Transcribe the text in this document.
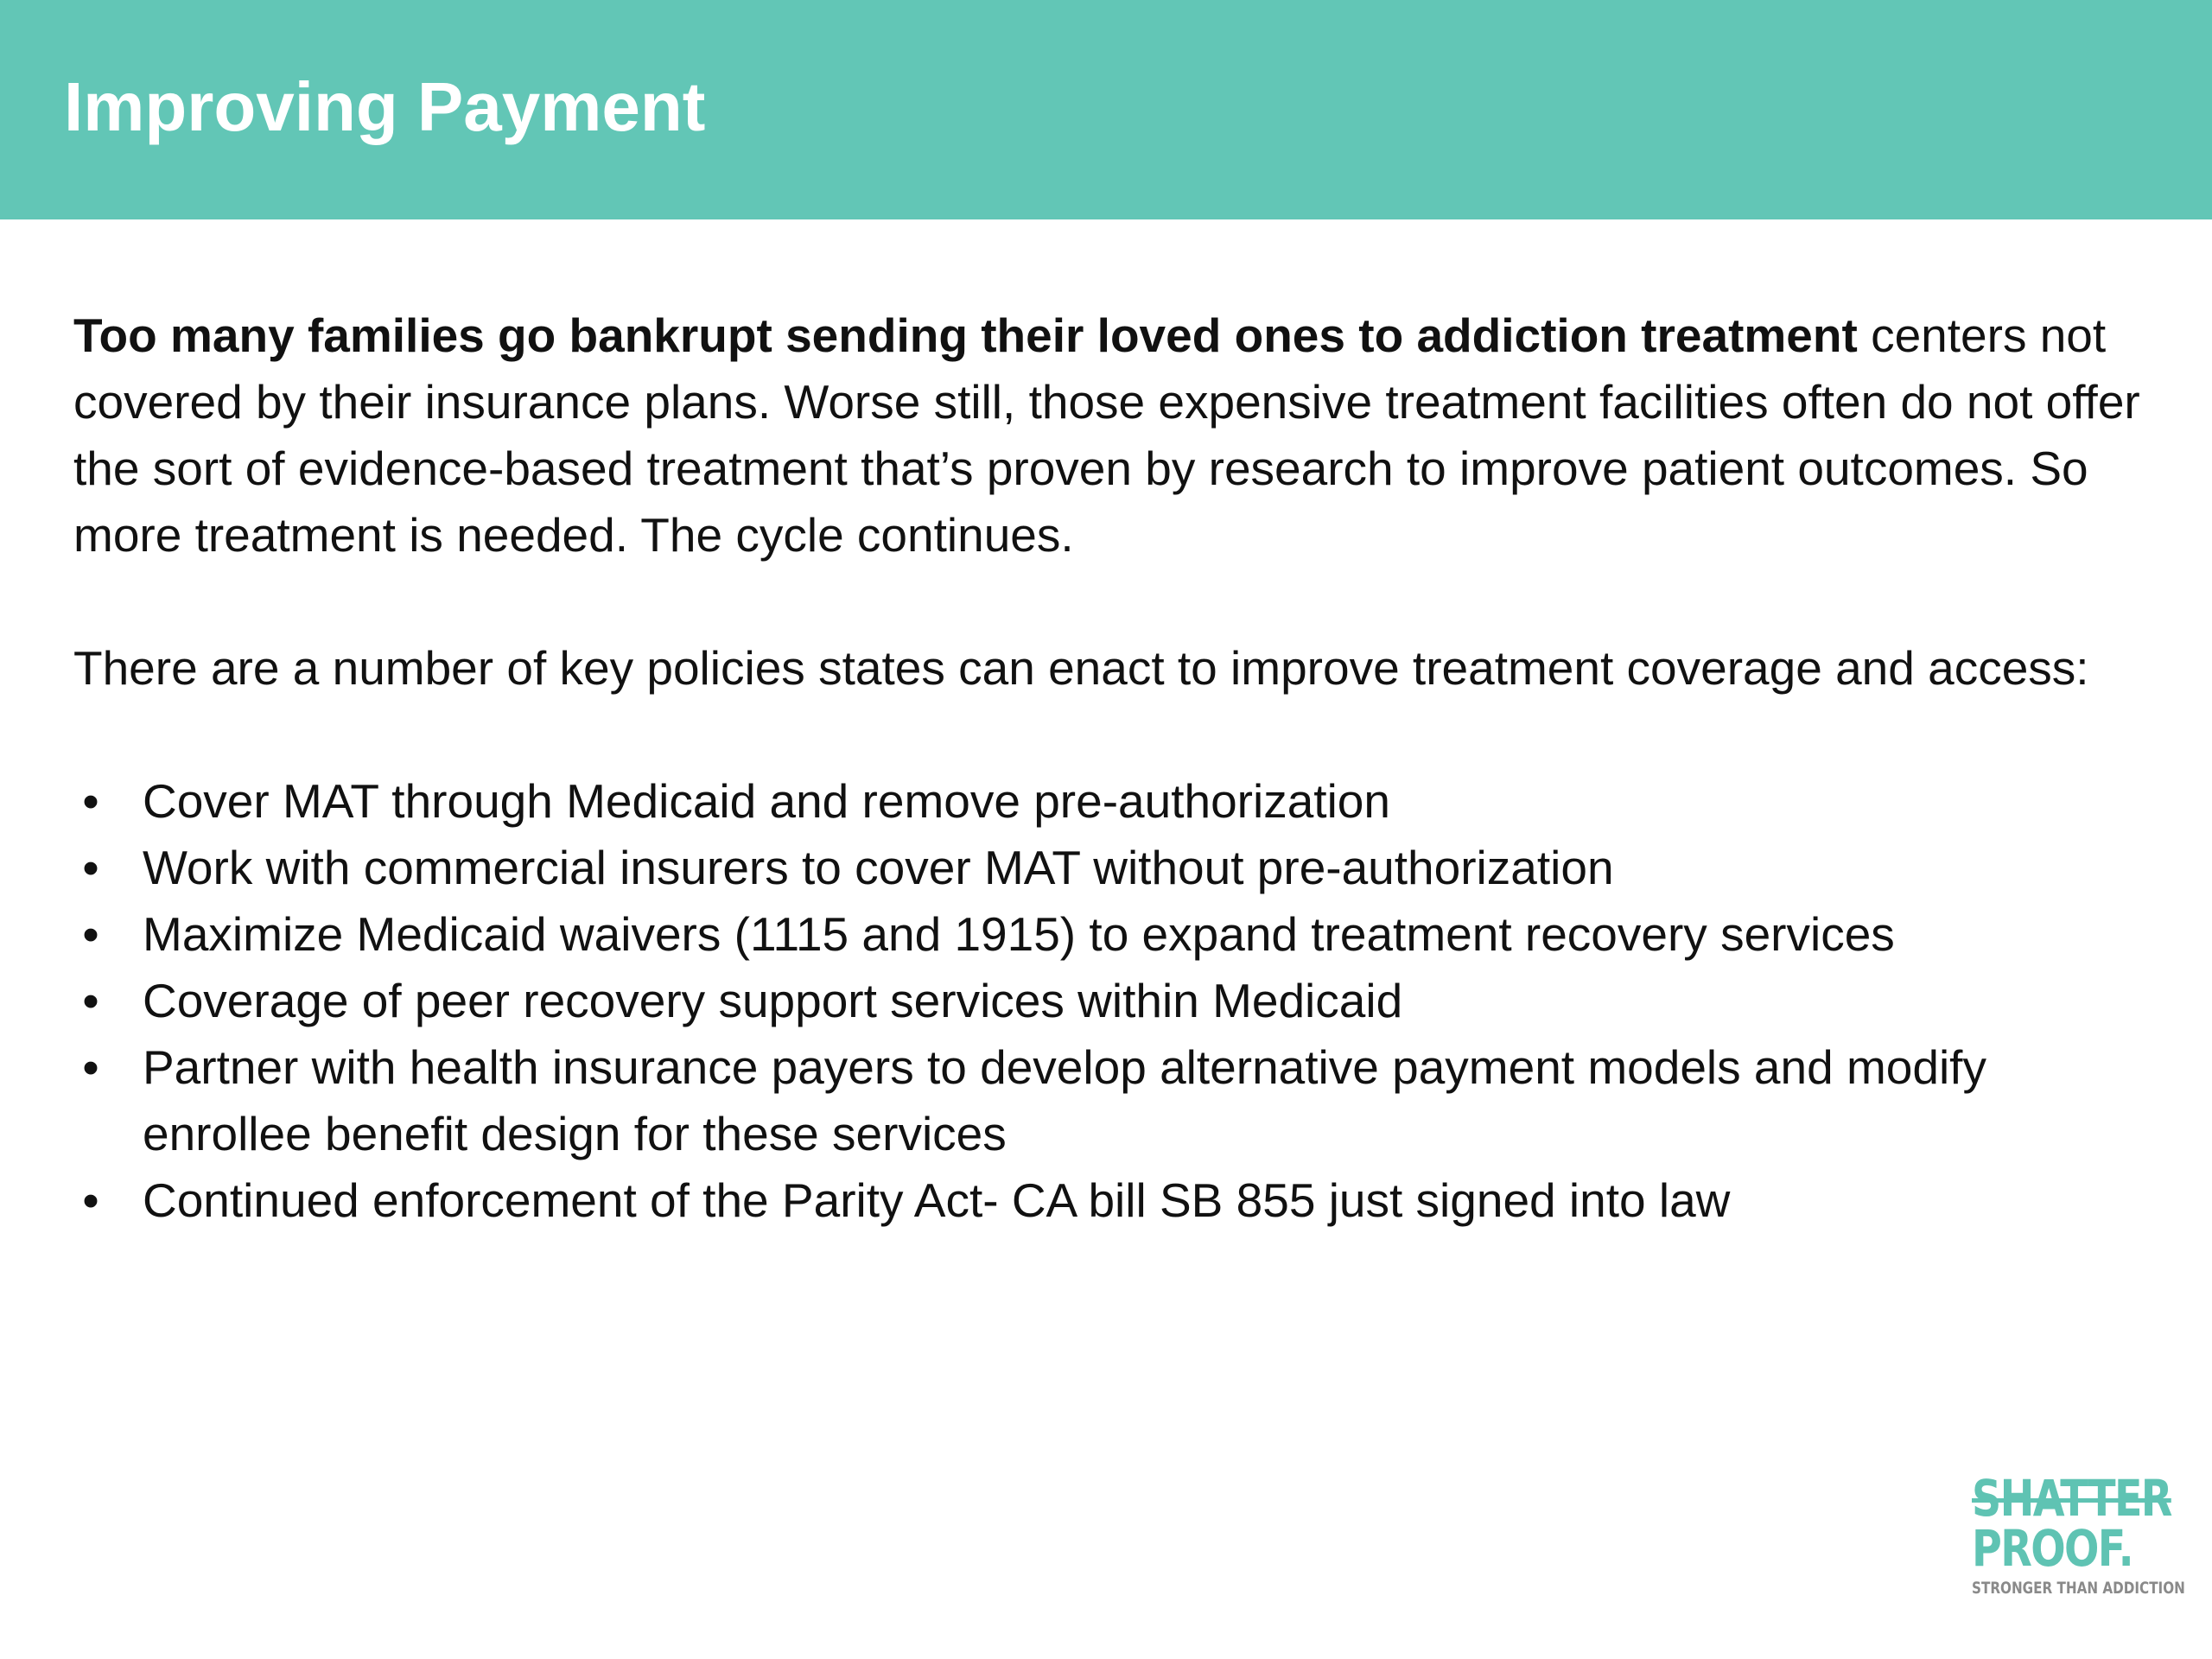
Improving Payment

Too many families go bankrupt sending their loved ones to addiction treatment centers not covered by their insurance plans. Worse still, those expensive treatment facilities often do not offer the sort of evidence-based treatment that’s proven by research to improve patient outcomes. So more treatment is needed. The cycle continues.

There are a number of key policies states can enact to improve treatment coverage and access:

• Cover MAT through Medicaid and remove pre-authorization
• Work with commercial insurers to cover MAT without pre-authorization
• Maximize Medicaid waivers (1115 and 1915) to expand treatment recovery services
• Coverage of peer recovery support services within Medicaid
• Partner with health insurance payers to develop alternative payment models and modify enrollee benefit design for these services
• Continued enforcement of the Parity Act- CA bill SB 855 just signed into law
SHATTER
PROOF.
STRONGER THAN ADDICTION
